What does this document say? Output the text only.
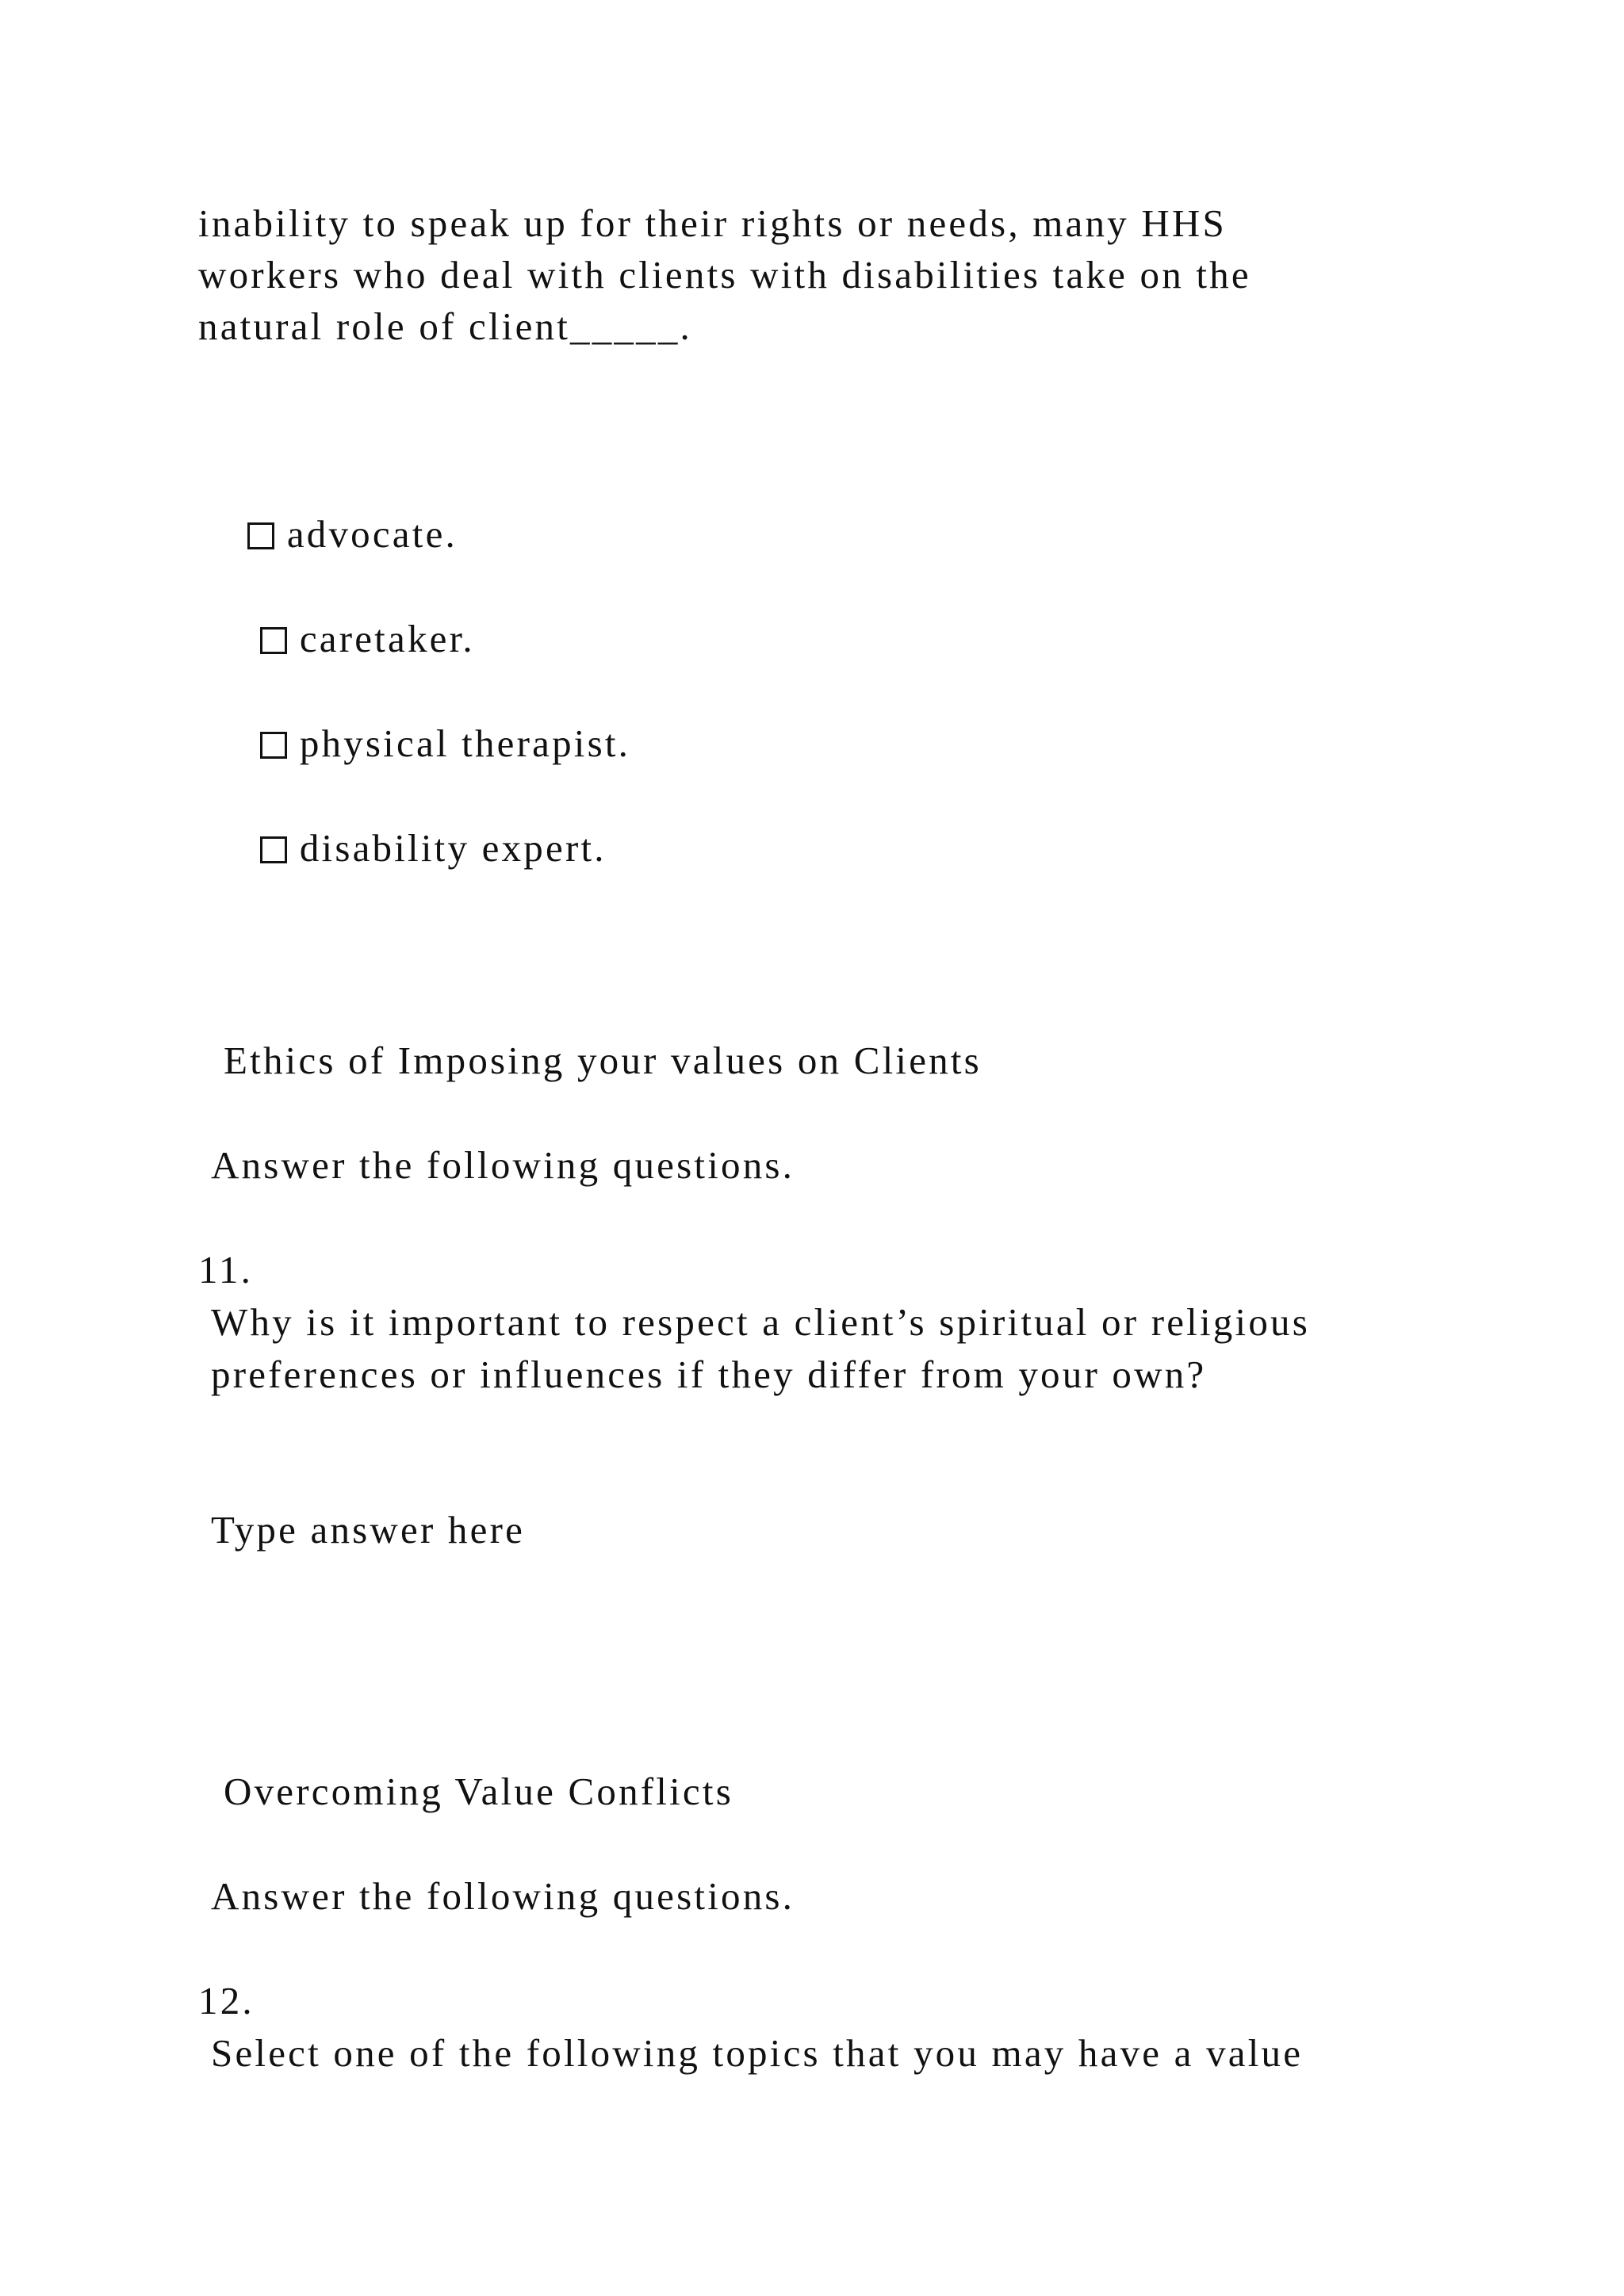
inability to speak up for their rights or needs, many HHS
workers who deal with clients with disabilities take on the
natural role of client_____.

advocate.

caretaker.

physical therapist.

disability expert.

Ethics of Imposing your values on Clients
Answer the following questions.
11.
Why is it important to respect a client’s spiritual or religious
preferences or influences if they differ from your own?
Type answer here
Overcoming Value Conflicts
Answer the following questions.
12.
Select one of the following topics that you may have a value
